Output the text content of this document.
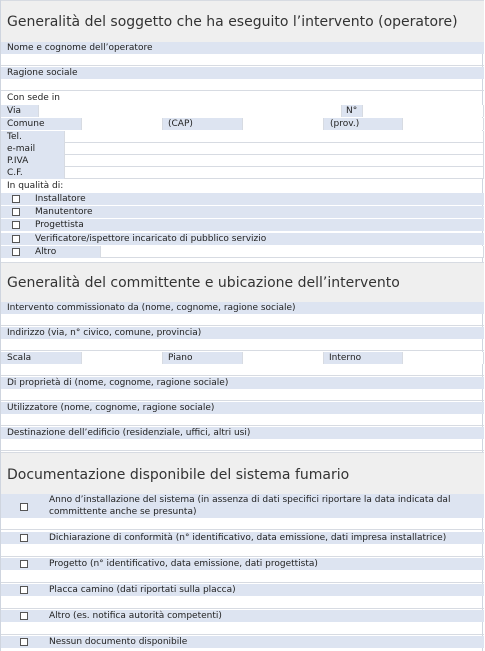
Generalità del soggetto che ha eseguito l’intervento (operatore)
Nome e cognome dell’operatore
Ragione sociale
Con sede in
Via	N°
Comune	(CAP)	(prov.)
Tel.
e-mail
P.IVA
C.F.
In qualità di:
Installatore
Manutentore
Progettista
Verificatore/ispettore incaricato di pubblico servizio
Altro
Generalità del committente e ubicazione dell’intervento
Intervento commissionato da (nome, cognome, ragione sociale)
Indirizzo (via, n° civico, comune, provincia)
Scala	Piano	Interno
Di proprietà di (nome, cognome, ragione sociale)
Utilizzatore (nome, cognome, ragione sociale)
Destinazione dell’edificio (residenziale, uffici, altri usi)
Documentazione disponibile del sistema fumario
Anno d’installazione del sistema (in assenza di dati specifici riportare la data indicata dal
committente anche se presunta)
Dichiarazione di conformità (n° identificativo, data emissione, dati impresa installatrice)
Progetto (n° identificativo, data emissione, dati progettista)
Placca camino (dati riportati sulla placca)
Altro (es. notifica autorità competenti)
Nessun documento disponibile
